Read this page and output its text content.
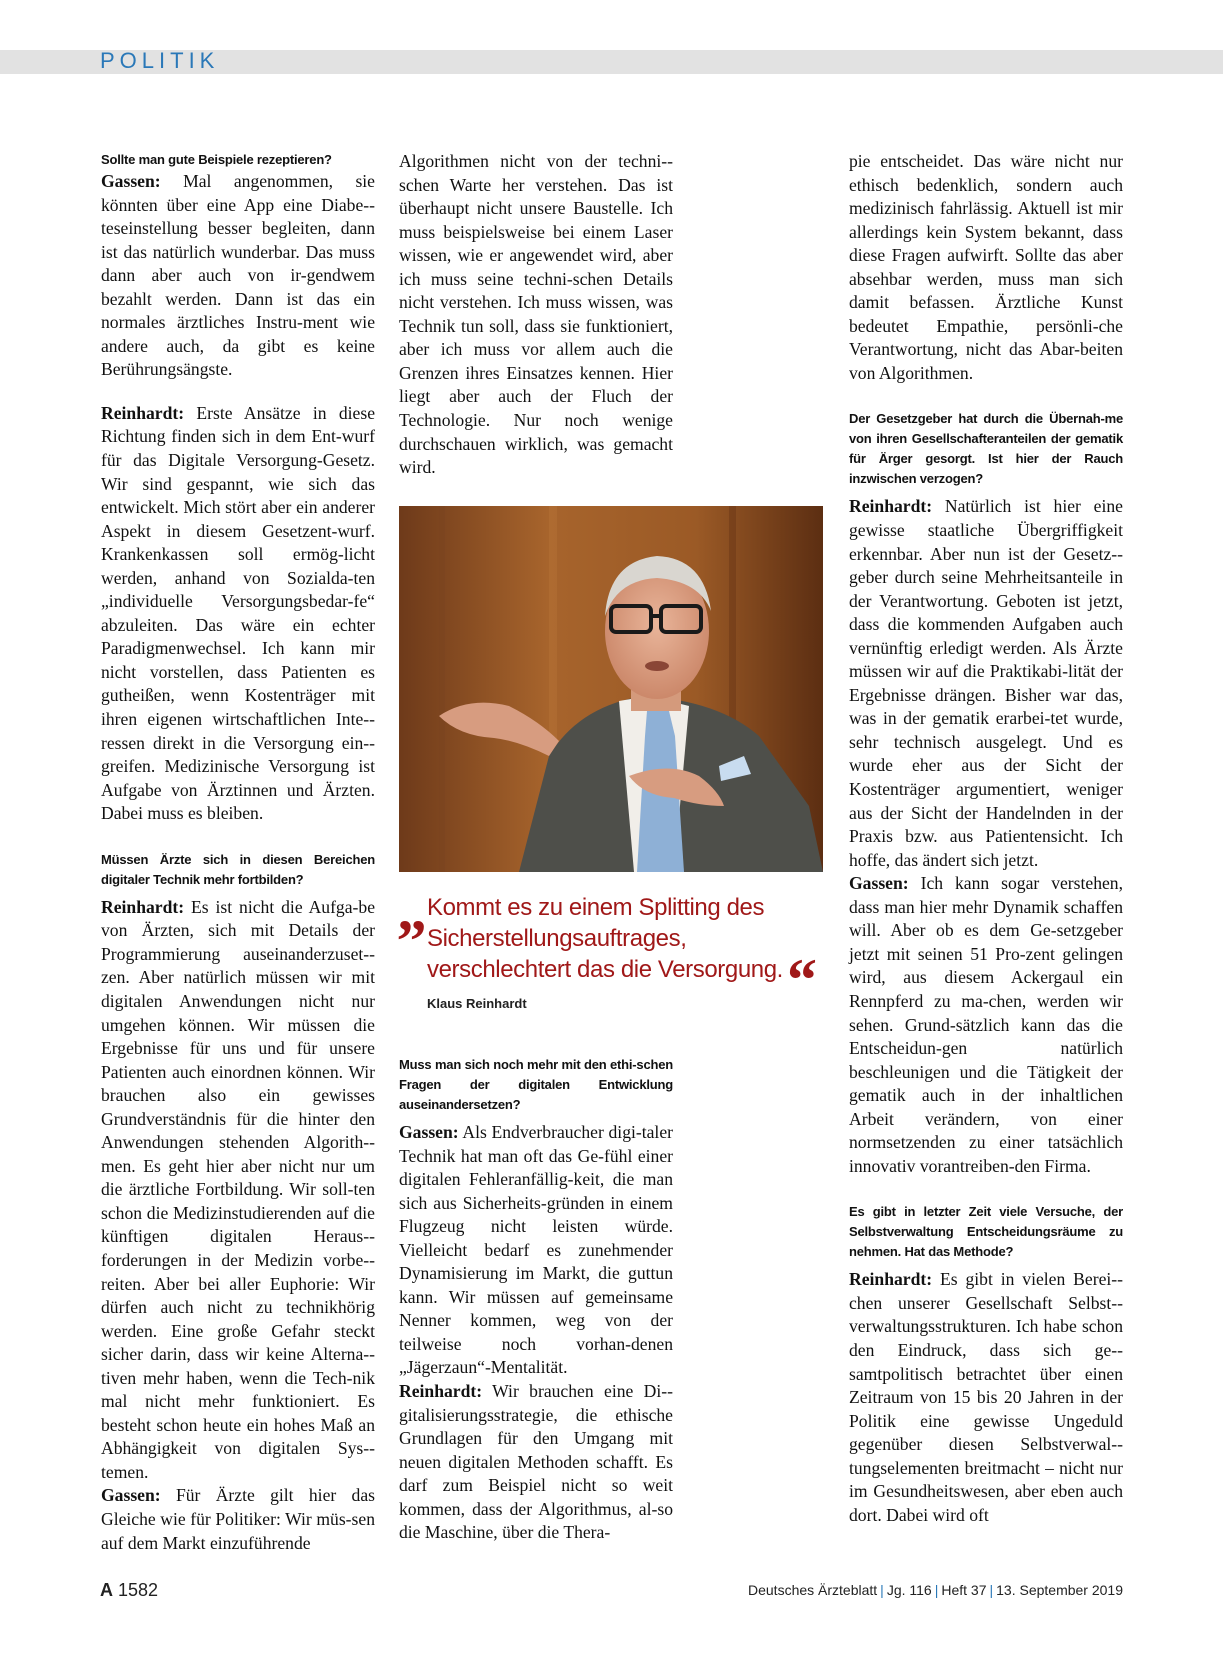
POLITIK

Sollte man gute Beispiele rezeptieren?

Gassen: Mal angenommen, sie könnten über eine App eine Diabe-teseinstellung besser begleiten, dann ist das natürlich wunderbar. Das muss dann aber auch von ir-gendwem bezahlt werden. Dann ist das ein normales ärztliches Instru-ment wie andere auch, da gibt es keine Berührungsängste.

Reinhardt: Erste Ansätze in diese Richtung finden sich in dem Ent-wurf für das Digitale Versorgung-Gesetz. Wir sind gespannt, wie sich das entwickelt. Mich stört aber ein anderer Aspekt in diesem Gesetzent-wurf. Krankenkassen soll ermög-licht werden, anhand von Sozialda-ten „individuelle Versorgungsbedar-fe“ abzuleiten. Das wäre ein echter Paradigmenwechsel. Ich kann mir nicht vorstellen, dass Patienten es gutheißen, wenn Kostenträger mit ihren eigenen wirtschaftlichen Inte-ressen direkt in die Versorgung ein-greifen. Medizinische Versorgung ist Aufgabe von Ärztinnen und Ärzten. Dabei muss es bleiben.

Müssen Ärzte sich in diesen Bereichen digitaler Technik mehr fortbilden?

Reinhardt: Es ist nicht die Aufga-be von Ärzten, sich mit Details der Programmierung auseinanderzuset-zen. Aber natürlich müssen wir mit digitalen Anwendungen nicht nur umgehen können. Wir müssen die Ergebnisse für uns und für unsere Patienten auch einordnen können. Wir brauchen also ein gewisses Grundverständnis für die hinter den Anwendungen stehenden Algorith-men. Es geht hier aber nicht nur um die ärztliche Fortbildung. Wir soll-ten schon die Medizinstudierenden auf die künftigen digitalen Heraus-forderungen in der Medizin vorbe-reiten. Aber bei aller Euphorie: Wir dürfen auch nicht zu technikhörig werden. Eine große Gefahr steckt sicher darin, dass wir keine Alterna-tiven mehr haben, wenn die Tech-nik mal nicht mehr funktioniert. Es besteht schon heute ein hohes Maß an Abhängigkeit von digitalen Sys-temen.

Gassen: Für Ärzte gilt hier das Gleiche wie für Politiker: Wir müs-sen auf dem Markt einzuführende

Algorithmen nicht von der techni-schen Warte her verstehen. Das ist überhaupt nicht unsere Baustelle. Ich muss beispielsweise bei einem Laser wissen, wie er angewendet wird, aber ich muss seine techni-schen Details nicht verstehen. Ich muss wissen, was Technik tun soll, dass sie funktioniert, aber ich muss vor allem auch die Grenzen ihres Einsatzes kennen. Hier liegt aber auch der Fluch der Technologie. Nur noch wenige durchschauen wirklich, was gemacht wird.

„ Kommt es zu einem Splitting des Sicherstellungsauftrages, verschlechtert das die Versorgung. “
Klaus Reinhardt

Muss man sich noch mehr mit den ethi-schen Fragen der digitalen Entwicklung auseinandersetzen?

Gassen: Als Endverbraucher digi-taler Technik hat man oft das Ge-fühl einer digitalen Fehleranfällig-keit, die man sich aus Sicherheits-gründen in einem Flugzeug nicht leisten würde. Vielleicht bedarf es zunehmender Dynamisierung im Markt, die guttun kann. Wir müssen auf gemeinsame Nenner kommen, weg von der teilweise noch vorhan-denen „Jägerzaun“-Mentalität.

Reinhardt: Wir brauchen eine Di-gitalisierungsstrategie, die ethische Grundlagen für den Umgang mit neuen digitalen Methoden schafft. Es darf zum Beispiel nicht so weit kommen, dass der Algorithmus, al-so die Maschine, über die Thera-

pie entscheidet. Das wäre nicht nur ethisch bedenklich, sondern auch medizinisch fahrlässig. Aktuell ist mir allerdings kein System bekannt, dass diese Fragen aufwirft. Sollte das aber absehbar werden, muss man sich damit befassen. Ärztliche Kunst bedeutet Empathie, persönli-che Verantwortung, nicht das Abar-beiten von Algorithmen.

Der Gesetzgeber hat durch die Übernah-me von ihren Gesellschafteranteilen der gematik für Ärger gesorgt. Ist hier der Rauch inzwischen verzogen?

Reinhardt: Natürlich ist hier eine gewisse staatliche Übergriffigkeit erkennbar. Aber nun ist der Gesetz-geber durch seine Mehrheitsanteile in der Verantwortung. Geboten ist jetzt, dass die kommenden Aufgaben auch vernünftig erledigt werden. Als Ärzte müssen wir auf die Praktikabi-lität der Ergebnisse drängen. Bisher war das, was in der gematik erarbei-tet wurde, sehr technisch ausgelegt. Und es wurde eher aus der Sicht der Kostenträger argumentiert, weniger aus der Sicht der Handelnden in der Praxis bzw. aus Patientensicht. Ich hoffe, das ändert sich jetzt.

Gassen: Ich kann sogar verstehen, dass man hier mehr Dynamik schaffen will. Aber ob es dem Ge-setzgeber jetzt mit seinen 51 Pro-zent gelingen wird, aus diesem Ackergaul ein Rennpferd zu ma-chen, werden wir sehen. Grund-sätzlich kann das die Entscheidun-gen natürlich beschleunigen und die Tätigkeit der gematik auch in der inhaltlichen Arbeit verändern, von einer normsetzenden zu einer tatsächlich innovativ vorantreiben-den Firma.

Es gibt in letzter Zeit viele Versuche, der Selbstverwaltung Entscheidungsräume zu nehmen. Hat das Methode?

Reinhardt: Es gibt in vielen Berei-chen unserer Gesellschaft Selbst-verwaltungsstrukturen. Ich habe schon den Eindruck, dass sich ge-samtpolitisch betrachtet über einen Zeitraum von 15 bis 20 Jahren in der Politik eine gewisse Ungeduld gegenüber diesen Selbstverwal-tungselementen breitmacht – nicht nur im Gesundheitswesen, aber eben auch dort. Dabei wird oft

A 1582	Deutsches Ärzteblatt | Jg. 116 | Heft 37 | 13. September 2019
